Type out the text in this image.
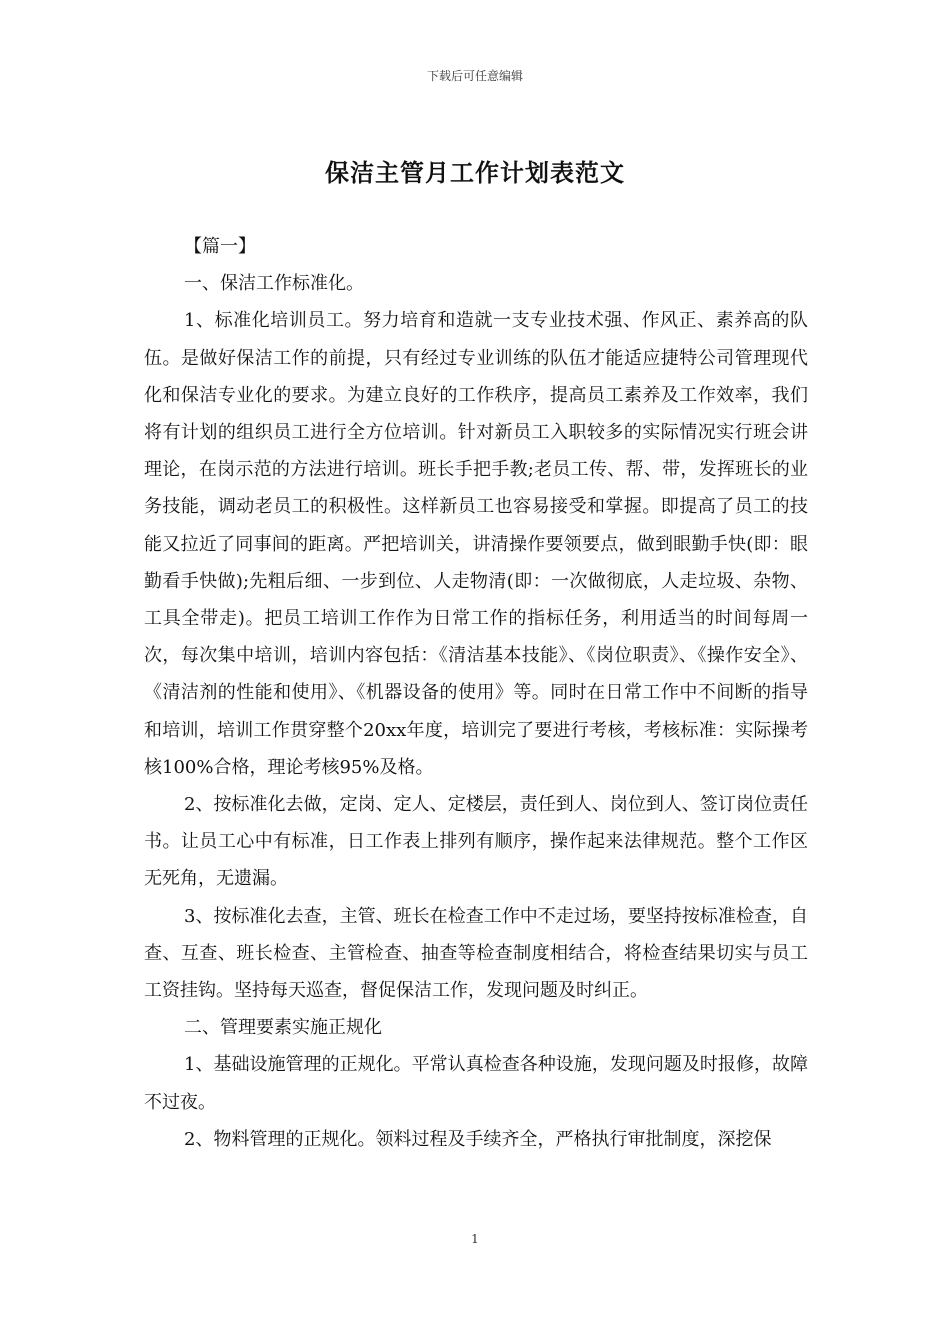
下载后可任意编辑
保洁主管月工作计划表范文

【篇一】

一、保洁工作标准化。

1、标准化培训员工。努力培育和造就一支专业技术强、作风正、素养高的队伍。是做好保洁工作的前提，只有经过专业训练的队伍才能适应捷特公司管理现代化和保洁专业化的要求。为建立良好的工作秩序，提高员工素养及工作效率，我们将有计划的组织员工进行全方位培训。针对新员工入职较多的实际情况实行班会讲理论，在岗示范的方法进行培训。班长手把手教;老员工传、帮、带，发挥班长的业务技能，调动老员工的积极性。这样新员工也容易接受和掌握。即提高了员工的技能又拉近了同事间的距离。严把培训关，讲清操作要领要点，做到眼勤手快(即：眼勤看手快做);先粗后细、一步到位、人走物清(即：一次做彻底，人走垃圾、杂物、工具全带走)。把员工培训工作作为日常工作的指标任务，利用适当的时间每周一次，每次集中培训，培训内容包括：《清洁基本技能》、《岗位职责》、《操作安全》、《清洁剂的性能和使用》、《机器设备的使用》等。同时在日常工作中不间断的指导和培训，培训工作贯穿整个20xx年度，培训完了要进行考核，考核标准：实际操考核100%合格，理论考核95%及格。

2、按标准化去做，定岗、定人、定楼层，责任到人、岗位到人、签订岗位责任书。让员工心中有标准，日工作表上排列有顺序，操作起来法律规范。整个工作区无死角，无遗漏。

3、按标准化去查，主管、班长在检查工作中不走过场，要坚持按标准检查，自查、互查、班长检查、主管检查、抽查等检查制度相结合，将检查结果切实与员工工资挂钩。坚持每天巡查，督促保洁工作，发现问题及时纠正。

二、管理要素实施正规化

1、基础设施管理的正规化。平常认真检查各种设施，发现问题及时报修，故障不过夜。

2、物料管理的正规化。领料过程及手续齐全，严格执行审批制度，深挖保

1
